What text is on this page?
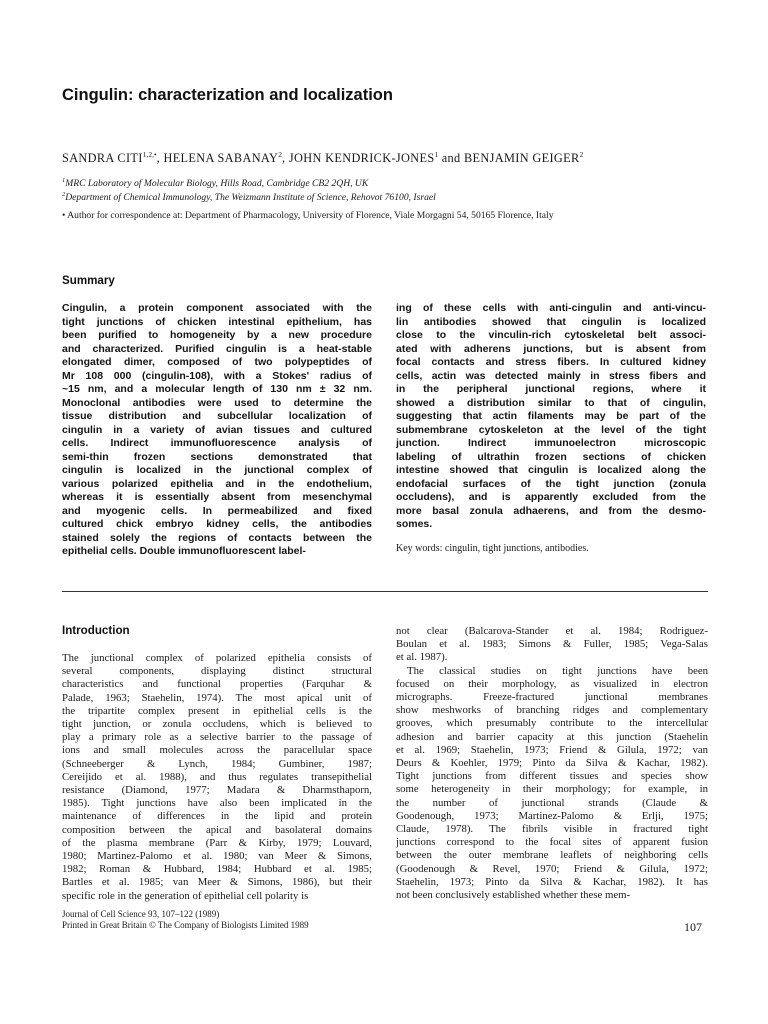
Cingulin: characterization and localization
SANDRA $CITI^{1,2,•}$, HELENA SABANAY$^2$, JOHN KENDRICK-JONES$^1$ and BENJAMIN GEIGER$^2$
$^1$MRC Laboratory of Molecular Biology, Hills Road, Cambridge CB2 2QH, UK
$^2$Department of Chemical Immunology, The Weizmann Institute of Science, Rehovot 76100, Israel
• Author for correspondence at: Department of Pharmacology, University of Florence, Viale Morgagni 54, 50165 Florence, Italy
Summary
Cingulin, a protein component associated with the
tight junctions of chicken intestinal epithelium, has
been purified to homogeneity by a new procedure
and characterized. Purified cingulin is a heat-stable
elongated dimer, composed of two polypeptides of
Mr 108 000 (cingulin-108), with a Stokes' radius of
~15 nm, and a molecular length of 130 nm ± 32 nm.
Monoclonal antibodies were used to determine the
tissue distribution and subcellular localization of
cingulin in a variety of avian tissues and cultured
cells. Indirect immunofluorescence analysis of
semi-thin frozen sections demonstrated that
cingulin is localized in the junctional complex of
various polarized epithelia and in the endothelium,
whereas it is essentially absent from mesenchymal
and myogenic cells. In permeabilized and fixed
cultured chick embryo kidney cells, the antibodies
stained solely the regions of contacts between the
epithelial cells. Double immunofluorescent label-
ing of these cells with anti-cingulin and anti-vincu-
lin antibodies showed that cingulin is localized
close to the vinculin-rich cytoskeletal belt associ-
ated with adherens junctions, but is absent from
focal contacts and stress fibers. In cultured kidney
cells, actin was detected mainly in stress fibers and
in the peripheral junctional regions, where it
showed a distribution similar to that of cingulin,
suggesting that actin filaments may be part of the
submembrane cytoskeleton at the level of the tight
junction. Indirect immunoelectron microscopic
labeling of ultrathin frozen sections of chicken
intestine showed that cingulin is localized along the
endofacial surfaces of the tight junction (zonula
occludens), and is apparently excluded from the
more basal zonula adhaerens, and from the desmo-
somes.
Key words: cingulin, tight junctions, antibodies.
Introduction
The junctional complex of polarized epithelia consists of
several components, displaying distinct structural
characteristics and functional properties (Farquhar &
Palade, 1963; Staehelin, 1974). The most apical unit of
the tripartite complex present in epithelial cells is the
tight junction, or zonula occludens, which is believed to
play a primary role as a selective barrier to the passage of
ions and small molecules across the paracellular space
(Schneeberger & Lynch, 1984; Gumbiner, 1987;
Cereijido et al. 1988), and thus regulates transepithelial
resistance (Diamond, 1977; Madara & Dharmsthaporn,
1985). Tight junctions have also been implicated in the
maintenance of differences in the lipid and protein
composition between the apical and basolateral domains
of the plasma membrane (Parr & Kirby, 1979; Louvard,
1980; Martinez-Palomo et al. 1980; van Meer & Simons,
1982; Roman & Hubbard, 1984; Hubbard et al. 1985;
Bartles et al. 1985; van Meer & Simons, 1986), but their
specific role in the generation of epithelial cell polarity is
not clear (Balcarova-Stander et al. 1984; Rodriguez-
Boulan et al. 1983; Simons & Fuller, 1985; Vega-Salas
et al. 1987).
The classical studies on tight junctions have been
focused on their morphology, as visualized in electron
micrographs. Freeze-fractured junctional membranes
show meshworks of branching ridges and complementary
grooves, which presumably contribute to the intercellular
adhesion and barrier capacity at this junction (Staehelin
et al. 1969; Staehelin, 1973; Friend & Gilula, 1972; van
Deurs & Koehler, 1979; Pinto da Silva & Kachar, 1982).
Tight junctions from different tissues and species show
some heterogeneity in their morphology; for example, in
the number of junctional strands (Claude &
Goodenough, 1973; Martinez-Palomo & Erlji, 1975;
Claude, 1978). The fibrils visible in fractured tight
junctions correspond to the focal sites of apparent fusion
between the outer membrane leaflets of neighboring cells
(Goodenough & Revel, 1970; Friend & Gilula, 1972;
Staehelin, 1973; Pinto da Silva & Kachar, 1982). It has
not been conclusively established whether these mem-
Journal of Cell Science 93, 107–122 (1989)
Printed in Great Britain © The Company of Biologists Limited 1989	107
